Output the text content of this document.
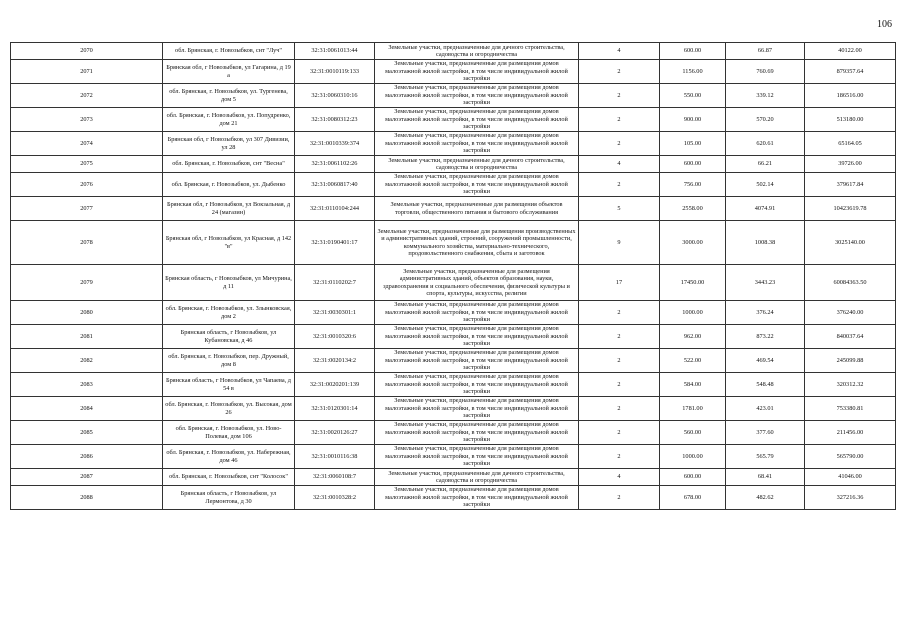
106
2070	обл. Брянская, г. Новозыбков, снт "Луч"	32:31:0061013:44	Земельные участки, предназначенные для дачного строительства, садоводства и огородничества	4	600.00	66.87	40122.00
2071	Брянская обл, г Новозыбков, ул Гагарина, д 19 а	32:31:0010119:133	Земельные участки, предназначенные для размещения домов малоэтажной жилой застройки, в том числе индивидуальной жилой застройки	2	1156.00	760.69	879357.64
2072	обл. Брянская, г. Новозыбков, ул. Тургенева, дом 5	32:31:0060310:16	Земельные участки, предназначенные для размещения домов малоэтажной жилой застройки, в том числе индивидуальной жилой застройки	2	550.00	339.12	186516.00
2073	обл. Брянская, г. Новозыбков, ул. Попудренко, дом 21	32:31:0080312:23	Земельные участки, предназначенные для размещения домов малоэтажной жилой застройки, в том числе индивидуальной жилой застройки	2	900.00	570.20	513180.00
2074	Брянская обл, г Новозыбков, ул 307 Дивизии, ул 28	32:31:0010339:374	Земельные участки, предназначенные для размещения домов малоэтажной жилой застройки, в том числе индивидуальной жилой застройки	2	105.00	620.61	65164.05
2075	обл. Брянская, г. Новозыбков, снт "Весна"	32:31:0061102:26	Земельные участки, предназначенные для дачного строительства, садоводства и огородничества	4	600.00	66.21	39726.00
2076	обл. Брянская, г. Новозыбков, ул. Дыбенко	32:31:0060817:40	Земельные участки, предназначенные для размещения домов малоэтажной жилой застройки, в том числе индивидуальной жилой застройки	2	756.00	502.14	379617.84
2077	Брянская обл, г Новозыбков, ул Вокзальная, д 24 (магазин)	32:31:0110104:244	Земельные участки, предназначенные для размещения объектов торговли, общественного питания и бытового обслуживания	5	2558.00	4074.91	10423619.78
2078	Брянская обл, г Новозыбков, ул Красная, д 142 "в"	32:31:0190401:17	Земельные участки, предназначенные для размещения производственных и административных зданий, строений, сооружений промышленности, коммунального хозяйства, материально-технического, продовольственного снабжения, сбыта и заготовок	9	3000.00	1008.38	3025140.00
2079	Брянская область, г Новозыбков, ул Мичурина, д 11	32:31:0110202:7	Земельные участки, предназначенные для размещения административных зданий, объектов образования, науки, здравоохранения и социального обеспечения, физической культуры и спорта, культуры, искусства, религии	17	17450.00	3443.23	60084363.50
2080	обл. Брянская, г. Новозыбков, ул. Злынковская, дом 2	32:31:0030301:1	Земельные участки, предназначенные для размещения домов малоэтажной жилой застройки, в том числе индивидуальной жилой застройки	2	1000.00	376.24	376240.00
2081	Брянская область, г Новозыбков, ул Кубановская, д 46	32:31:0010320:6	Земельные участки, предназначенные для размещения домов малоэтажной жилой застройки, в том числе индивидуальной жилой застройки	2	962.00	873.22	840037.64
2082	обл. Брянская, г. Новозыбков, пер. Дружный, дом 8	32:31:0020134:2	Земельные участки, предназначенные для размещения домов малоэтажной жилой застройки, в том числе индивидуальной жилой застройки	2	522.00	469.54	245099.88
2083	Брянская область, г Новозыбков, ул Чапаева, д 54 в	32:31:0020201:139	Земельные участки, предназначенные для размещения домов малоэтажной жилой застройки, в том числе индивидуальной жилой застройки	2	584.00	548.48	320312.32
2084	обл. Брянская, г. Новозыбков, ул. Высокая, дом 26	32:31:0120301:14	Земельные участки, предназначенные для размещения домов малоэтажной жилой застройки, в том числе индивидуальной жилой застройки	2	1781.00	423.01	753380.81
2085	обл. Брянская, г. Новозыбков, ул. Ново-Полевая, дом 106	32:31:0020126:27	Земельные участки, предназначенные для размещения домов малоэтажной жилой застройки, в том числе индивидуальной жилой застройки	2	560.00	377.60	211456.00
2086	обл. Брянская, г. Новозыбков, ул. Набережная, дом 46	32:31:0010116:38	Земельные участки, предназначенные для размещения домов малоэтажной жилой застройки, в том числе индивидуальной жилой застройки	2	1000.00	565.79	565790.00
2087	обл. Брянская, г. Новозыбков, снт "Колосок"	32:31:0060108:7	Земельные участки, предназначенные для дачного строительства, садоводства и огородничества	4	600.00	68.41	41046.00
2088	Брянская область, г Новозыбков, ул Лермонтова, д 30	32:31:0010328:2	Земельные участки, предназначенные для размещения домов малоэтажной жилой застройки, в том числе индивидуальной жилой застройки	2	678.00	482.62	327216.36
